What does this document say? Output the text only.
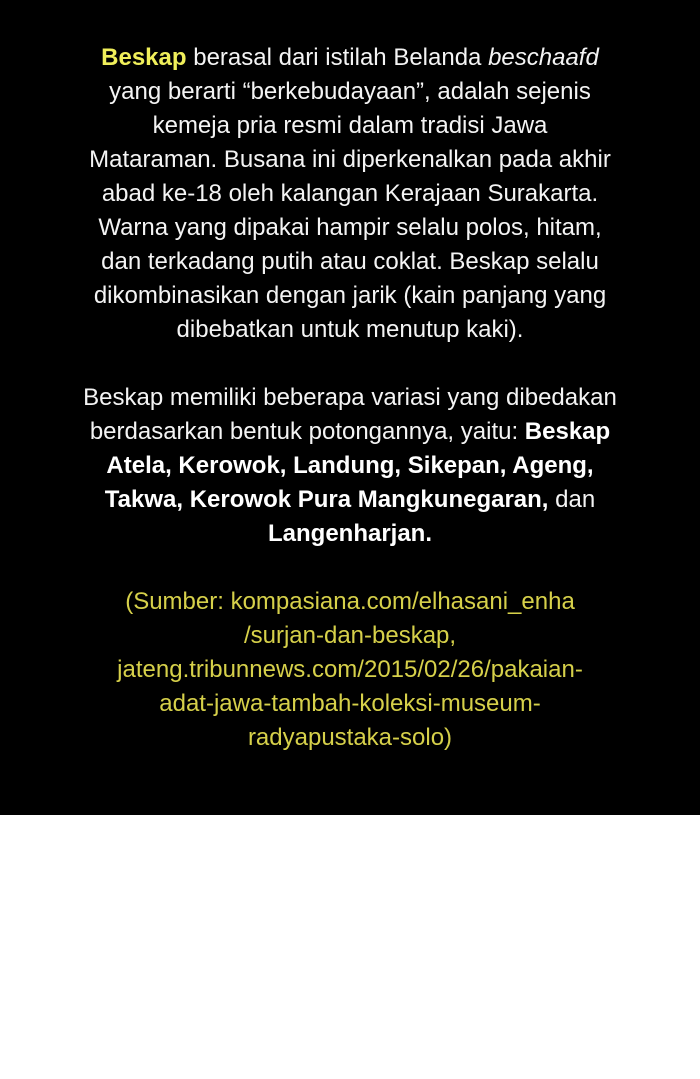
Beskap berasal dari istilah Belanda beschaafd
yang berarti “berkebudayaan”, adalah sejenis
kemeja pria resmi dalam tradisi Jawa
Mataraman. Busana ini diperkenalkan pada akhir
abad ke-18 oleh kalangan Kerajaan Surakarta.
Warna yang dipakai hampir selalu polos, hitam,
dan terkadang putih atau coklat. Beskap selalu
dikombinasikan dengan jarik (kain panjang yang
dibebatkan untuk menutup kaki).
Beskap memiliki beberapa variasi yang dibedakan
berdasarkan bentuk potongannya, yaitu: Beskap
Atela, Kerowok, Landung, Sikepan, Ageng,
Takwa, Kerowok Pura Mangkunegaran, dan
Langenharjan.
(Sumber: kompasiana.com/elhasani_enha
/surjan-dan-beskap,
jateng.tribunnews.com/2015/02/26/pakaian-
adat-jawa-tambah-koleksi-museum-
radyapustaka-solo)
